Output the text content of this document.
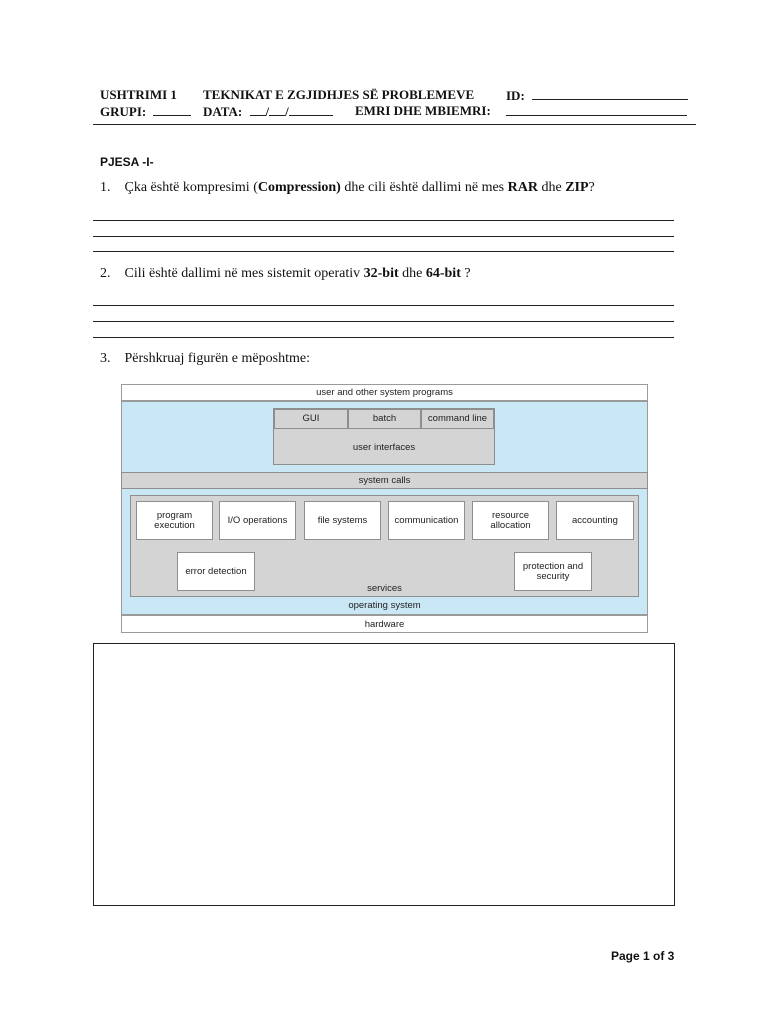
USHTRIMI 1 TEKNIKAT E ZGJIDHJES SË PROBLEMEVE ID:
GRUPI:	DATA: / /	EMRI DHE MBIEMRI:
PJESA -I-
1. Çka është kompresimi (Compression) dhe cili është dallimi në mes RAR dhe ZIP?
2. Cili është dallimi në mes sistemit operativ 32-bit dhe 64-bit ?
3. Përshkruaj figurën e mëposhtme:
user and other system programs
GUI	batch	command line
user interfaces
system calls
program execution	I/O operations	file systems	communication	resource allocation	accounting
error detection	protection and security
services
operating system
hardware
Page 1 of 3
